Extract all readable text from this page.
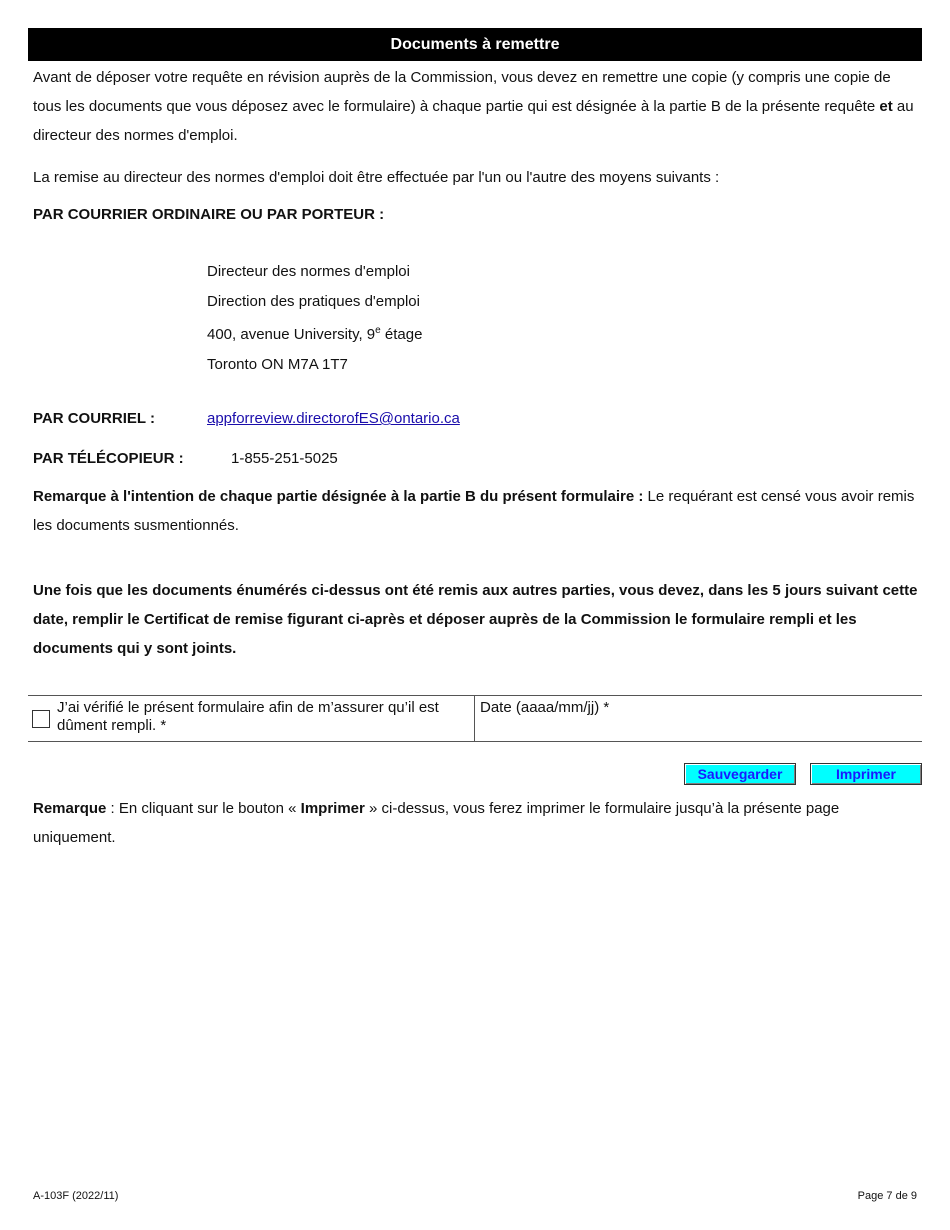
Documents à remettre
Avant de déposer votre requête en révision auprès de la Commission, vous devez en remettre une copie (y compris une copie de tous les documents que vous déposez avec le formulaire) à chaque partie qui est désignée à la partie B de la présente requête et au directeur des normes d'emploi.
La remise au directeur des normes d'emploi doit être effectuée par l'un ou l'autre des moyens suivants :
PAR COURRIER ORDINAIRE OU PAR PORTEUR :
Directeur des normes d'emploi
Direction des pratiques d'emploi
400, avenue University, 9e étage
Toronto ON M7A 1T7
PAR COURRIEL :	appforreview.directorofES@ontario.ca
PAR TÉLÉCOPIEUR :	1-855-251-5025
Remarque à l'intention de chaque partie désignée à la partie B du présent formulaire : Le requérant est censé vous avoir remis les documents susmentionnés.
Une fois que les documents énumérés ci-dessus ont été remis aux autres parties, vous devez, dans les 5 jours suivant cette date, remplir le Certificat de remise figurant ci-après et déposer auprès de la Commission le formulaire rempli et les documents qui y sont joints.
J’ai vérifié le présent formulaire afin de m’assurer qu’il est dûment rempli. *
Date (aaaa/mm/jj) *
Sauvegarder	Imprimer
Remarque : En cliquant sur le bouton « Imprimer » ci-dessus, vous ferez imprimer le formulaire jusqu’à la présente page uniquement.
A-103F (2022/11)	Page 7 de 9
